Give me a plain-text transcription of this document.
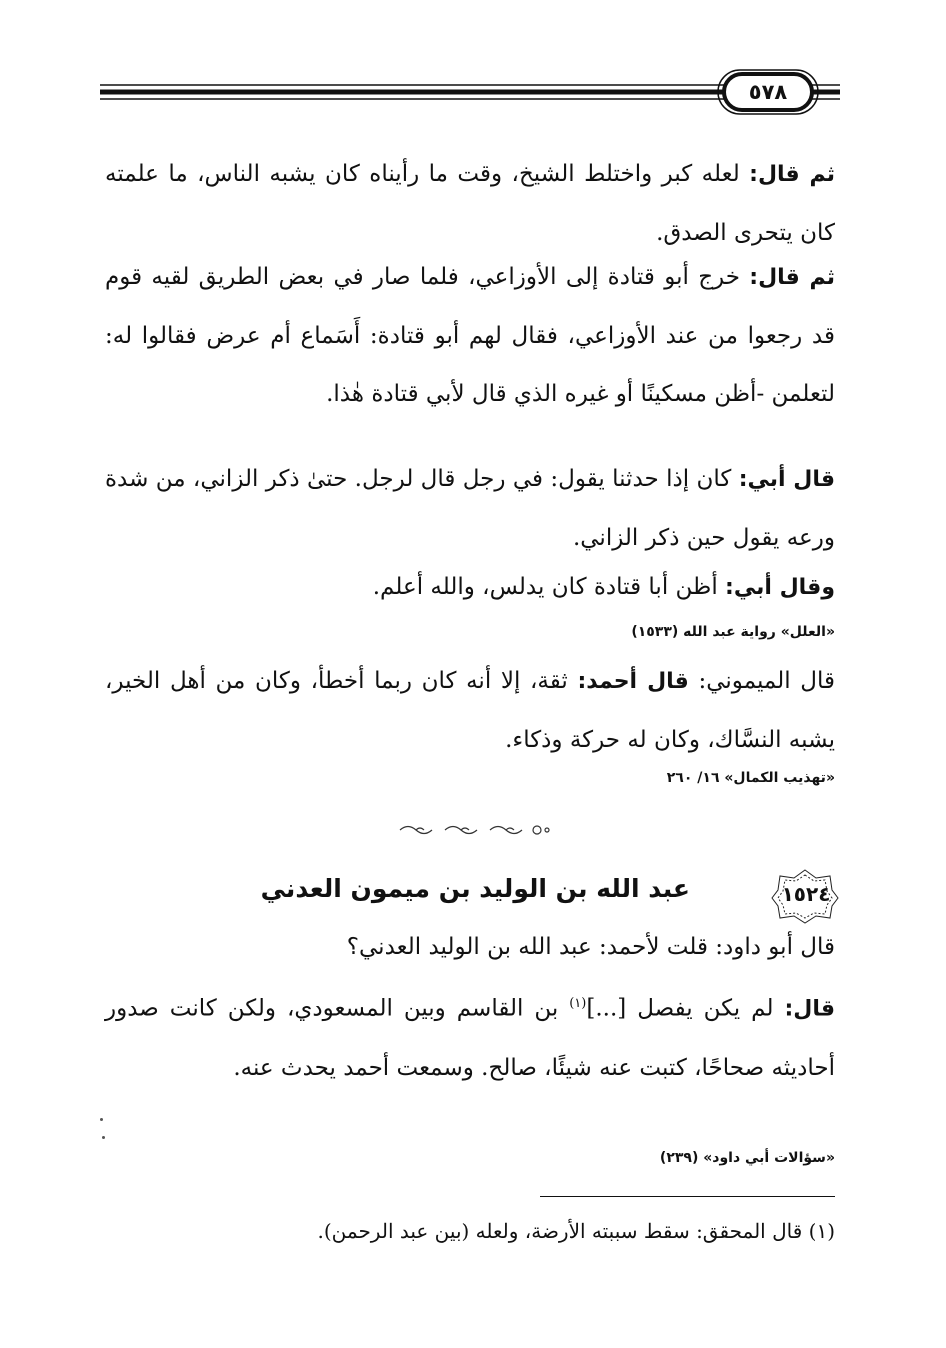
٥٧٨
ثم قال: لعله كبر واختلط الشيخ، وقت ما رأيناه كان يشبه الناس، ما علمته كان يتحرى الصدق.
ثم قال: خرج أبو قتادة إلى الأوزاعي، فلما صار في بعض الطريق لقيه قوم قد رجعوا من عند الأوزاعي، فقال لهم أبو قتادة: أَسَماع أم عرض فقالوا له: لتعلمن -أظن مسكينًا أو غيره الذي قال لأبي قتادة هٰذا.
قال أبي: كان إذا حدثنا يقول: في رجل قال لرجل. حتىٰ ذكر الزاني، من شدة ورعه يقول حين ذكر الزاني.
وقال أبي: أظن أبا قتادة كان يدلس، والله أعلم.
«العلل» رواية عبد الله (١٥٣٣)
قال الميموني: قال أحمد: ثقة، إلا أنه كان ربما أخطأ، وكان من أهل الخير، يشبه النسَّاك، وكان له حركة وذكاء.
«تهذيب الكمال» ١٦/ ٢٦٠
١٥٢٤
عبد الله بن الوليد بن ميمون العدني
قال أبو داود: قلت لأحمد: عبد الله بن الوليد العدني؟
قال: لم يكن يفصل [...]$^{(١)}$ بن القاسم وبين المسعودي، ولكن كانت صدور أحاديثه صحاحًا، كتبت عنه شيئًا، صالح. وسمعت أحمد يحدث عنه.
«سؤالات أبي داود» (٢٣٩)
(١) قال المحقق: سقط سببته الأرضة، ولعله (بين عبد الرحمن).
